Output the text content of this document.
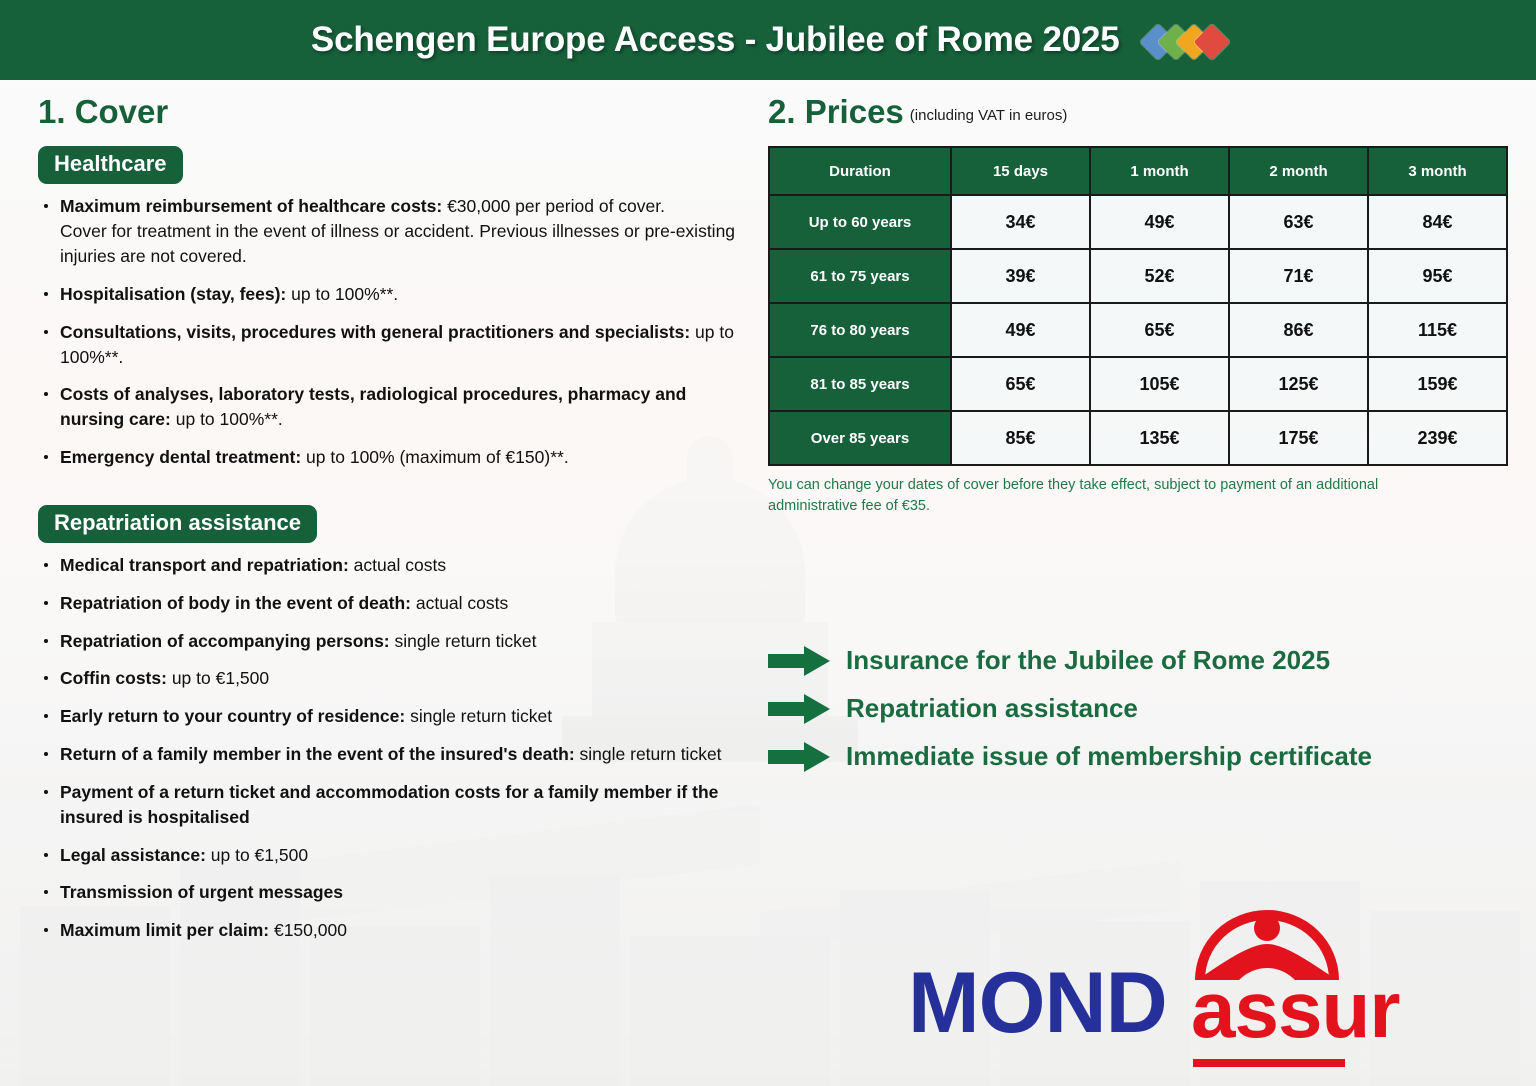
Schengen Europe Access - Jubilee of Rome 2025
1. Cover
Healthcare
Maximum reimbursement of healthcare costs: €30,000 per period of cover.
Cover for treatment in the event of illness or accident. Previous illnesses or pre-existing injuries are not covered.
Hospitalisation (stay, fees): up to 100%**.
Consultations, visits, procedures with general practitioners and specialists: up to 100%**.
Costs of analyses, laboratory tests, radiological procedures, pharmacy and nursing care: up to 100%**.
Emergency dental treatment: up to 100% (maximum of €150)**.
Repatriation assistance
Medical transport and repatriation: actual costs
Repatriation of body in the event of death: actual costs
Repatriation of accompanying persons: single return ticket
Coffin costs: up to €1,500
Early return to your country of residence: single return ticket
Return of a family member in the event of the insured's death: single return ticket
Payment of a return ticket and accommodation costs for a family member if the insured is hospitalised
Legal assistance: up to €1,500
Transmission of urgent messages
Maximum limit per claim: €150,000
2. Prices $^{(including VAT in euros)}$
Duration	15 days	1 month	2 month	3 month
Up to 60 years	34€	49€	63€	84€
61 to 75 years	39€	52€	71€	95€
76 to 80 years	49€	65€	86€	115€
81 to 85 years	65€	105€	125€	159€
Over 85 years	85€	135€	175€	239€
You can change your dates of cover before they take effect, subject to payment of an additional administrative fee of €35.
Insurance for the Jubilee of Rome 2025
Repatriation assistance
Immediate issue of membership certificate
MOND assur
